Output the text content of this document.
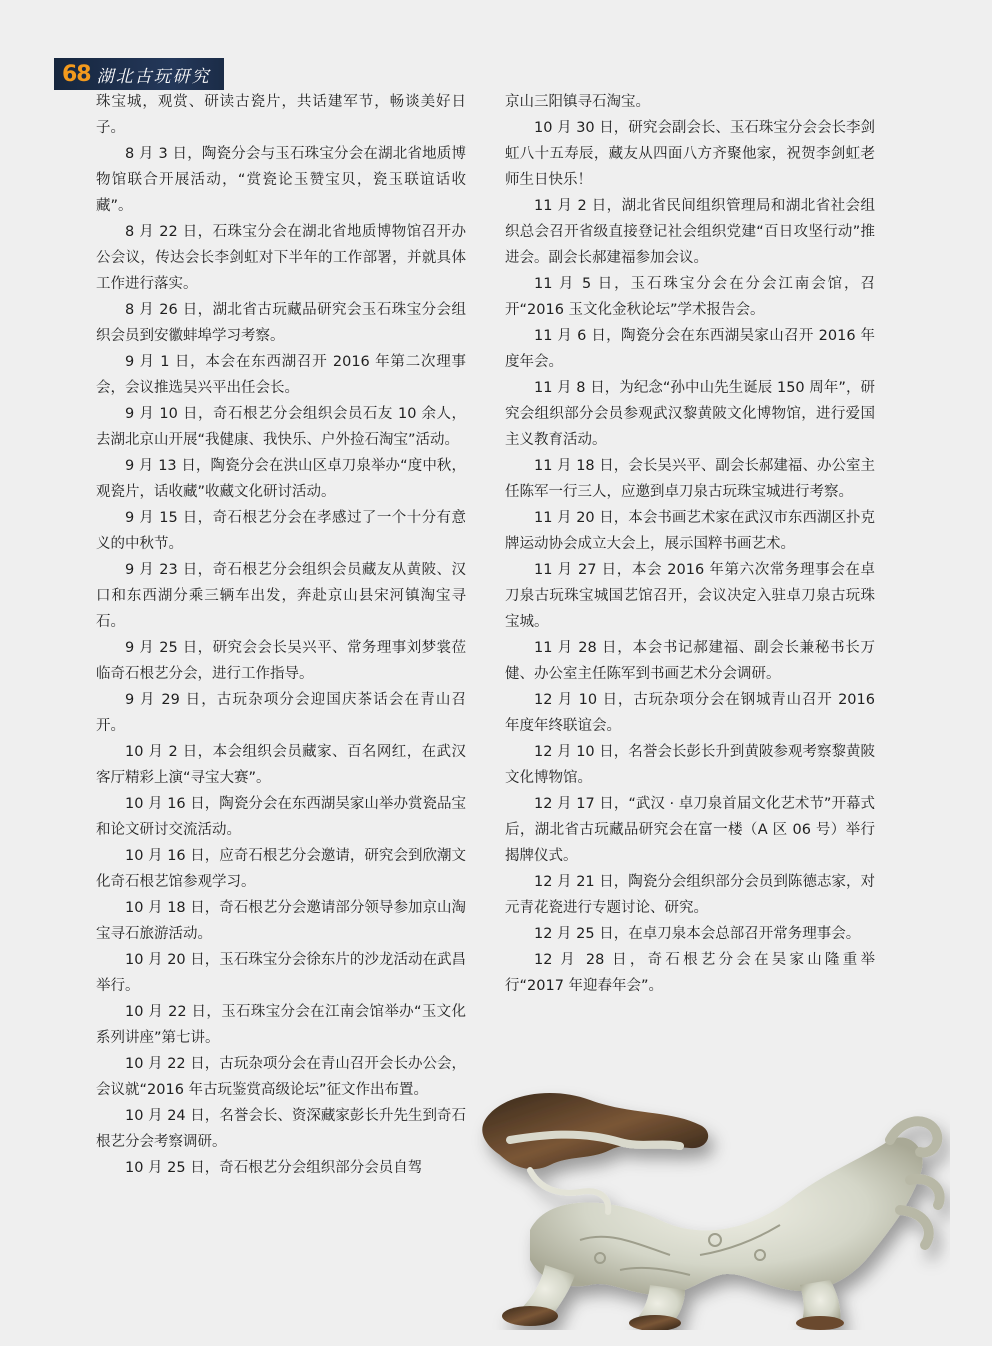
68 湖北古玩研究

珠宝城，观赏、研读古瓷片，共话建军节，畅谈美好日子。

8 月 3 日，陶瓷分会与玉石珠宝分会在湖北省地质博物馆联合开展活动，“赏瓷论玉赞宝贝，瓷玉联谊话收藏”。

8 月 22 日，石珠宝分会在湖北省地质博物馆召开办公会议，传达会长李剑虹对下半年的工作部署，并就具体工作进行落实。

8 月 26 日，湖北省古玩藏品研究会玉石珠宝分会组织会员到安徽蚌埠学习考察。

9 月 1 日，本会在东西湖召开 2016 年第二次理事会，会议推选吴兴平出任会长。

9 月 10 日，奇石根艺分会组织会员石友 10 余人，去湖北京山开展“我健康、我快乐、户外捡石淘宝”活动。

9 月 13 日，陶瓷分会在洪山区卓刀泉举办“度中秋，观瓷片，话收藏”收藏文化研讨活动。

9 月 15 日，奇石根艺分会在孝感过了一个十分有意义的中秋节。

9 月 23 日，奇石根艺分会组织会员藏友从黄陂、汉口和东西湖分乘三辆车出发，奔赴京山县宋河镇淘宝寻石。

9 月 25 日，研究会会长吴兴平、常务理事刘梦裳莅临奇石根艺分会，进行工作指导。

9 月 29 日，古玩杂项分会迎国庆茶话会在青山召开。

10 月 2 日，本会组织会员藏家、百名网红，在武汉客厅精彩上演“寻宝大赛”。

10 月 16 日，陶瓷分会在东西湖吴家山举办赏瓷品宝和论文研讨交流活动。

10 月 16 日，应奇石根艺分会邀请，研究会到欣潮文化奇石根艺馆参观学习。

10 月 18 日，奇石根艺分会邀请部分领导参加京山淘宝寻石旅游活动。

10 月 20 日，玉石珠宝分会徐东片的沙龙活动在武昌举行。

10 月 22 日，玉石珠宝分会在江南会馆举办“玉文化系列讲座”第七讲。

10 月 22 日，古玩杂项分会在青山召开会长办公会，会议就“2016 年古玩鉴赏高级论坛”征文作出布置。

10 月 24 日，名誉会长、资深藏家彭长升先生到奇石根艺分会考察调研。

10 月 25 日，奇石根艺分会组织部分会员自驾

京山三阳镇寻石淘宝。

10 月 30 日，研究会副会长、玉石珠宝分会会长李剑虹八十五寿辰，藏友从四面八方齐聚他家，祝贺李剑虹老师生日快乐！

11 月 2 日，湖北省民间组织管理局和湖北省社会组织总会召开省级直接登记社会组织党建“百日攻坚行动”推进会。副会长郝建福参加会议。

11 月 5 日，玉石珠宝分会在分会江南会馆，召开“2016 玉文化金秋论坛”学术报告会。

11 月 6 日，陶瓷分会在东西湖吴家山召开 2016 年度年会。

11 月 8 日，为纪念“孙中山先生诞辰 150 周年”，研究会组织部分会员参观武汉黎黄陂文化博物馆，进行爱国主义教育活动。

11 月 18 日，会长吴兴平、副会长郝建福、办公室主任陈军一行三人，应邀到卓刀泉古玩珠宝城进行考察。

11 月 20 日，本会书画艺术家在武汉市东西湖区扑克牌运动协会成立大会上，展示国粹书画艺术。

11 月 27 日，本会 2016 年第六次常务理事会在卓刀泉古玩珠宝城国艺馆召开，会议决定入驻卓刀泉古玩珠宝城。

11 月 28 日，本会书记郝建福、副会长兼秘书长万健、办公室主任陈军到书画艺术分会调研。

12 月 10 日，古玩杂项分会在钢城青山召开 2016 年度年终联谊会。

12 月 10 日，名誉会长彭长升到黄陂参观考察黎黄陂文化博物馆。

12 月 17 日，“武汉 · 卓刀泉首届文化艺术节”开幕式后，湖北省古玩藏品研究会在富一楼（A 区 06 号）举行揭牌仪式。

12 月 21 日，陶瓷分会组织部分会员到陈德志家，对元青花瓷进行专题讨论、研究。

12 月 25 日，在卓刀泉本会总部召开常务理事会。

12 月 28 日，奇石根艺分会在吴家山隆重举行“2017 年迎春年会”。
